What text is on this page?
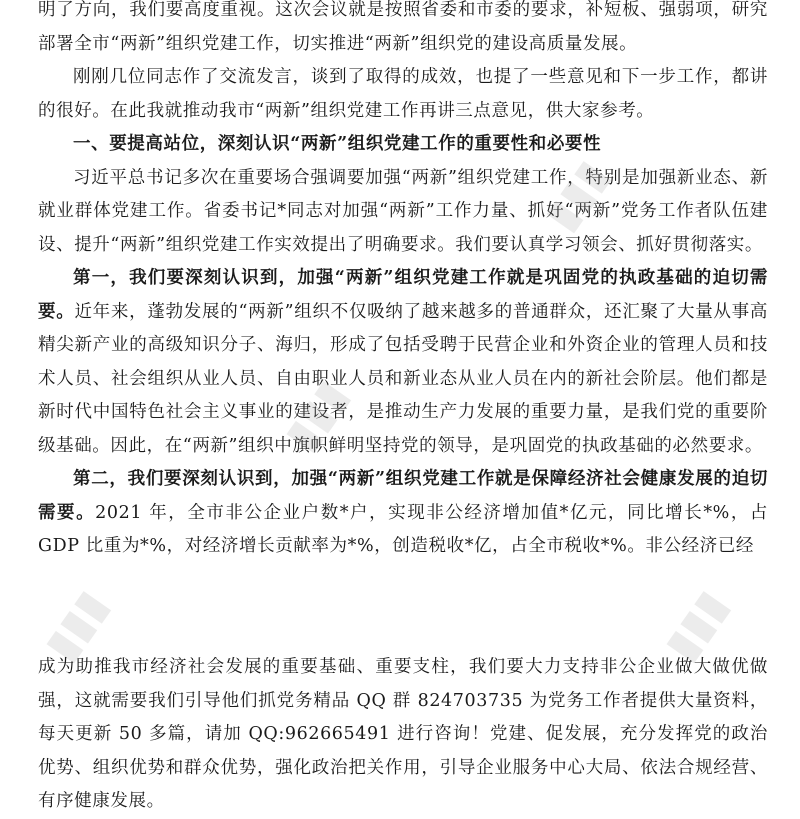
明了方向，我们要高度重视。这次会议就是按照省委和市委的要求，补短板、强弱项，研究部署全市“两新”组织党建工作，切实推进“两新”组织党的建设高质量发展。

刚刚几位同志作了交流发言，谈到了取得的成效，也提了一些意见和下一步工作，都讲的很好。在此我就推动我市“两新”组织党建工作再讲三点意见，供大家参考。

一、要提高站位，深刻认识“两新”组织党建工作的重要性和必要性

习近平总书记多次在重要场合强调要加强“两新”组织党建工作，特别是加强新业态、新就业群体党建工作。省委书记*同志对加强“两新”工作力量、抓好“两新”党务工作者队伍建设、提升“两新”组织党建工作实效提出了明确要求。我们要认真学习领会、抓好贯彻落实。

第一，我们要深刻认识到，加强“两新”组织党建工作就是巩固党的执政基础的迫切需要。近年来，蓬勃发展的“两新”组织不仅吸纳了越来越多的普通群众，还汇聚了大量从事高精尖新产业的高级知识分子、海归，形成了包括受聘于民营企业和外资企业的管理人员和技术人员、社会组织从业人员、自由职业人员和新业态从业人员在内的新社会阶层。他们都是新时代中国特色社会主义事业的建设者，是推动生产力发展的重要力量，是我们党的重要阶级基础。因此，在“两新”组织中旗帜鲜明坚持党的领导，是巩固党的执政基础的必然要求。

第二，我们要深刻认识到，加强“两新”组织党建工作就是保障经济社会健康发展的迫切需要。2021 年，全市非公企业户数*户，实现非公经济增加值*亿元，同比增长*%，占 GDP 比重为*%，对经济增长贡献率为*%，创造税收*亿，占全市税收*%。非公经济已经

成为助推我市经济社会发展的重要基础、重要支柱，我们要大力支持非公企业做大做优做强，这就需要我们引导他们抓党务精品 QQ 群 824703735 为党务工作者提供大量资料，每天更新 50 多篇，请加 QQ:962665491 进行咨询！党建、促发展，充分发挥党的政治优势、组织优势和群众优势，强化政治把关作用，引导企业服务中心大局、依法合规经营、有序健康发展。

▮▮▮
▮▮▮
▮▮▮	▮▮▮
